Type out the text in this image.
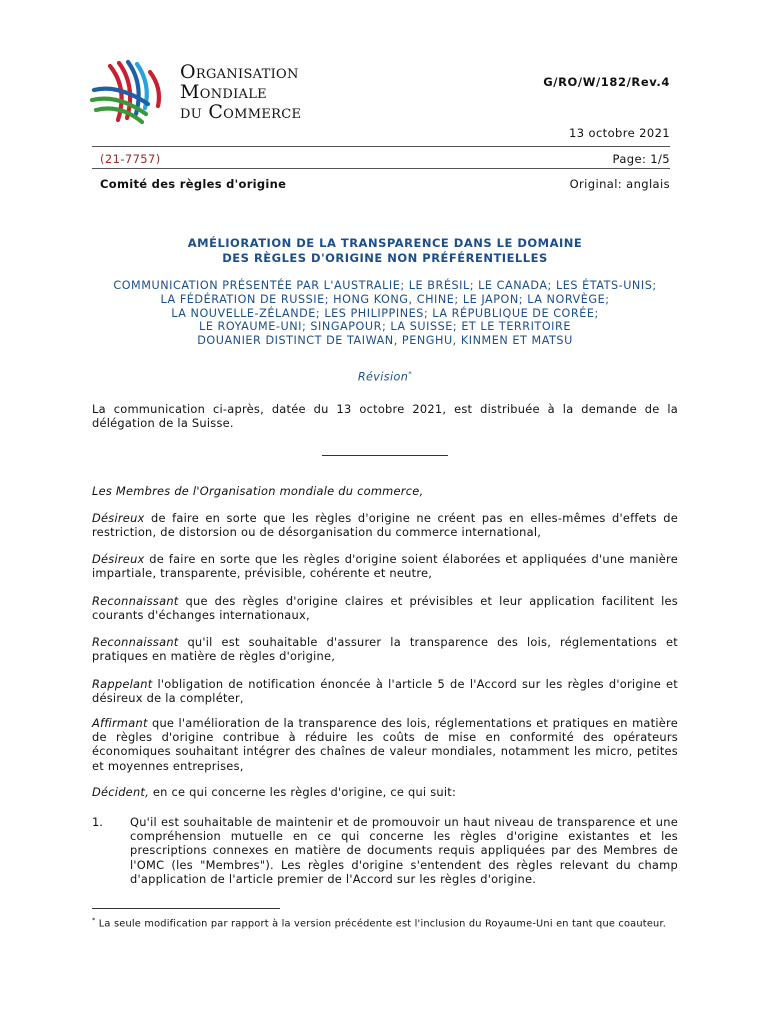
Organisation
Mondiale
du Commerce
G/RO/W/182/Rev.4
13 octobre 2021
(21-7757)	Page: 1/5
Comité des règles d'origine	Original: anglais
AMÉLIORATION DE LA TRANSPARENCE DANS LE DOMAINE
DES RÈGLES D'ORIGINE NON PRÉFÉRENTIELLES
COMMUNICATION PRÉSENTÉE PAR L'AUSTRALIE; LE BRÉSIL; LE CANADA; LES ÉTATS-UNIS;
LA FÉDÉRATION DE RUSSIE; HONG KONG, CHINE; LE JAPON; LA NORVÈGE;
LA NOUVELLE-ZÉLANDE; LES PHILIPPINES; LA RÉPUBLIQUE DE CORÉE;
LE ROYAUME-UNI; SINGAPOUR; LA SUISSE; ET LE TERRITOIRE
DOUANIER DISTINCT DE TAIWAN, PENGHU, KINMEN ET MATSU
Révision*
La communication ci-après, datée du 13 octobre 2021, est distribuée à la demande de la délégation de la Suisse.
Les Membres de l'Organisation mondiale du commerce,
Désireux de faire en sorte que les règles d'origine ne créent pas en elles-mêmes d'effets de restriction, de distorsion ou de désorganisation du commerce international,
Désireux de faire en sorte que les règles d'origine soient élaborées et appliquées d'une manière impartiale, transparente, prévisible, cohérente et neutre,
Reconnaissant que des règles d'origine claires et prévisibles et leur application facilitent les courants d'échanges internationaux,
Reconnaissant qu'il est souhaitable d'assurer la transparence des lois, réglementations et pratiques en matière de règles d'origine,
Rappelant l'obligation de notification énoncée à l'article 5 de l'Accord sur les règles d'origine et désireux de la compléter,
Affirmant que l'amélioration de la transparence des lois, réglementations et pratiques en matière de règles d'origine contribue à réduire les coûts de mise en conformité des opérateurs économiques souhaitant intégrer des chaînes de valeur mondiales, notamment les micro, petites et moyennes entreprises,
Décident, en ce qui concerne les règles d'origine, ce qui suit:
1. Qu'il est souhaitable de maintenir et de promouvoir un haut niveau de transparence et une compréhension mutuelle en ce qui concerne les règles d'origine existantes et les prescriptions connexes en matière de documents requis appliquées par des Membres de l'OMC (les "Membres"). Les règles d'origine s'entendent des règles relevant du champ d'application de l'article premier de l'Accord sur les règles d'origine.
* La seule modification par rapport à la version précédente est l'inclusion du Royaume-Uni en tant que coauteur.
